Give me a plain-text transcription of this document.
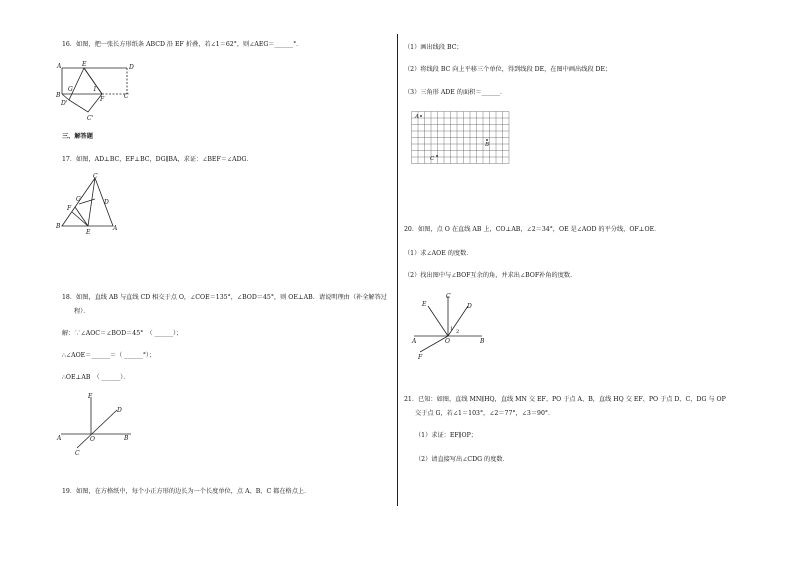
16．如图，把一张长方形纸条 ABCD 沿 EF 折叠，若∠1＝62°，则∠AEG＝______°．
A	E	D
B
G	1
F	C
D'
C'
三、解答题
17．如图，AD⊥BC，EF⊥BC，DG∥BA，求证：∠BEF＝∠ADG．
C
D
G
F
B
E
A
18．如图，直线 AB 与直线 CD 相交于点 O，∠COE＝135°，∠BOD＝45°，则 OE⊥AB．请说明理由（补全解答过
程）．
解：∵∠AOC＝∠BOD＝45°　（ ______）；
∴∠AOE＝______＝（ ______°）；
∴OE⊥AB　（ ______）．
E
D
A	O	B
C
19．如图，在方格纸中，每个小正方形的边长为一个长度单位，点 A、B、C 都在格点上．
（1）画出线段 BC；
（2）将线段 BC 向上平移三个单位，得到线段 DE，在图中画出线段 DE；
（3）三角形 ADE 的面积＝______．
A
B
C
20．如图，点 O 在直线 AB 上，CO⊥AB，∠2＝34°，OE 是∠AOD 的平分线，OF⊥OE．
（1）求∠AOE 的度数．
（2）找出图中与∠BOF互余的角，并求出∠BOF补角的度数．
E
C
D
1 2
A	O	B
F
21．已知：如图，直线 MN∥HQ，直线 MN 交 EF、PO 于点 A、B，直线 HQ 交 EF、PO 于点 D、C，DG 与 OP
交于点 G，若∠1＝103°，∠2＝77°，∠3＝90°．
（1）求证：EF∥OP；
（2）请直接写出∠CDG 的度数．
